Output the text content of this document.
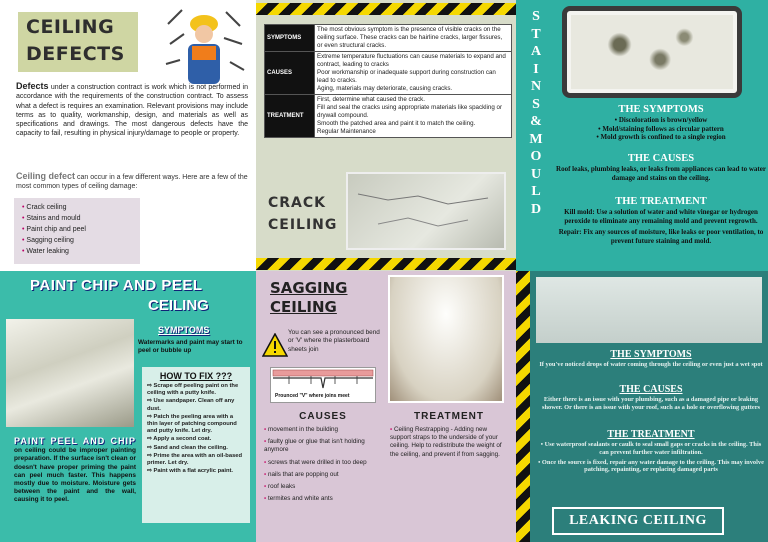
CEILING
DEFECTS
Defects under a construction contract is work which is not performed in accordance with the requirements of the construction contract. To assess what a defect is requires an examination. Relevant provisions may include terms as to quality, workmanship, design, and materials as well as specifications and drawings. The most dangerous defects have the capacity to fail, resulting in physical injury/damage to people or property.
Ceiling defect can occur in a few different ways. Here are a few of the most common types of ceiling damage:
• Crack ceiling
• Stains and mould
• Paint chip and peel
• Sagging ceiling
• Water leaking
SYMPTOMS	The most obvious symptom is the presence of visible cracks on the ceiling surface. These cracks can be hairline cracks, larger fissures, or even structural cracks.

CAUSES	Extreme temperature fluctuations can cause materials to expand and contract, leading to cracks
Poor workmanship or inadequate support during construction can lead to cracks.
Aging, materials may deteriorate, causing cracks.

TREATMENT	First, determine what caused the crack.
Fill and seal the cracks using appropriate materials like spackling or drywall compound.
Smooth the patched area and paint it to match the ceiling.
Regular Maintenance
CRACK
CEILING
S
T
A
I
N
S
&
M
O
U
L
D
THE SYMPTOMS

• Discoloration is brown/yellow

• Mold/staining follows as circular pattern

• Mold growth is confined to a single region

THE CAUSES

Roof leaks, plumbing leaks, or leaks from appliances can lead to water damage and stains on the ceiling.

THE TREATMENT

Kill mold: Use a solution of water and white vinegar or hydrogen peroxide to eliminate any remaining mold and prevent regrowth.

Repair: Fix any sources of moisture, like leaks or poor ventilation, to prevent future staining and mold.

PAINT CHIP AND PEEL
CEILING
SYMPTOMS
Watermarks and paint may start to peel or bubble up
HOW TO FIX ???
⇨ Scrape off peeling paint on the ceiling with a putty knife.
⇨ Use sandpaper. Clean off any dust.
⇨ Patch the peeling area with a thin layer of patching compound and putty knife. Let dry.
⇨ Apply a second coat.
⇨ Sand and clean the ceiling.
⇨ Prime the area with an oil-based primer. Let dry.
⇨ Paint with a flat acrylic paint.
PAINT PEEL AND CHIP on ceiling could be improper painting preparation. If the surface isn't clean or doesn't have proper priming the paint can peel much faster. This happens mostly due to moisture. Moisture gets between the paint and the wall, causing it to peel.
SAGGING
CEILING
You can see a pronounced bend or 'V' where the plasterboard sheets join
Prounced "V" where joins meet
CAUSES
• movement in the building
• faulty glue or glue that isn't holding anymore
• screws that were drilled in too deep
• nails that are popping out
• roof leaks
• termites and white ants
TREATMENT
• Ceiling Restrapping - Adding new support straps to the underside of your ceiling. Help to redistribute the weight of the ceiling, and prevent if from sagging.
THE SYMPTOMS

If you've noticed drops of water coming through the ceiling or even just a wet spot

THE CAUSES

Either there is an issue with your plumbing, such as a damaged pipe or leaking shower. Or there is an issue with your roof, such as a hole or overflowing gutters

THE TREATMENT

• Use waterproof sealants or caulk to seal small gaps or cracks in the ceiling. This can prevent further water infiltration.

• Once the source is fixed, repair any water damage to the ceiling. This may involve patching, repainting, or replacing damaged parts

LEAKING CEILING
